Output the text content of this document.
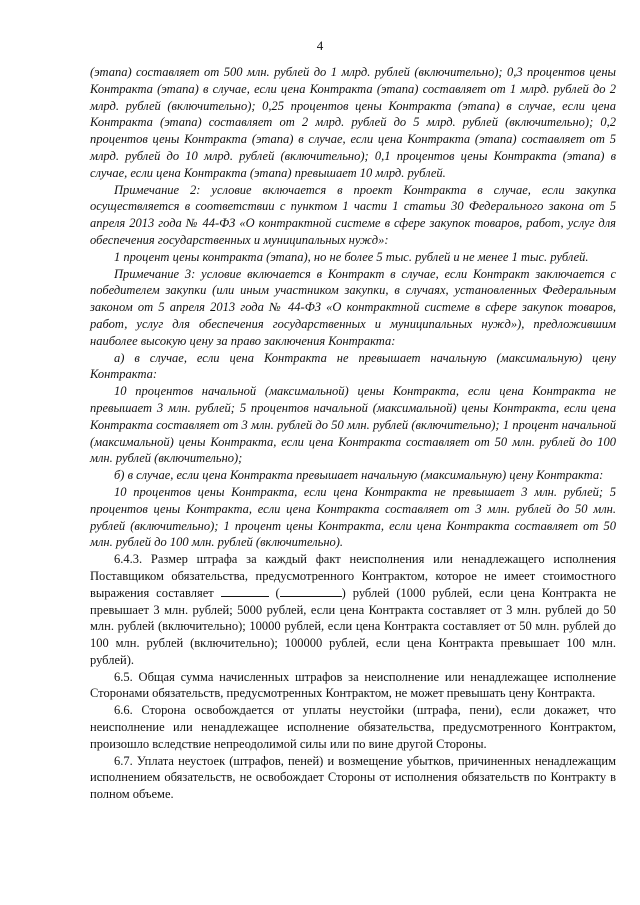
4

(этапа) составляет от 500 млн. рублей до 1 млрд. рублей (включительно); 0,3 процентов цены Контракта (этапа) в случае, если цена Контракта (этапа) составляет от 1 млрд. рублей до 2 млрд. рублей (включительно); 0,25 процентов цены Контракта (этапа) в случае, если цена Контракта (этапа) составляет от 2 млрд. рублей до 5 млрд. рублей (включительно); 0,2 процентов цены Контракта (этапа) в случае, если цена Контракта (этапа) составляет от 5 млрд. рублей до 10 млрд. рублей (включительно); 0,1 процентов цены Контракта (этапа) в случае, если цена Контракта (этапа) превышает 10 млрд. рублей.

Примечание 2: условие включается в проект Контракта в случае, если закупка осуществляется в соответствии с пунктом 1 части 1 статьи 30 Федерального закона от 5 апреля 2013 года № 44-ФЗ «О контрактной системе в сфере закупок товаров, работ, услуг для обеспечения государственных и муниципальных нужд»:

1 процент цены контракта (этапа), но не более 5 тыс. рублей и не менее 1 тыс. рублей.

Примечание 3: условие включается в Контракт в случае, если Контракт заключается с победителем закупки (или иным участником закупки, в случаях, установленных Федеральным законом от 5 апреля 2013 года № 44-ФЗ «О контрактной системе в сфере закупок товаров, работ, услуг для обеспечения государственных и муниципальных нужд»), предложившим наиболее высокую цену за право заключения Контракта:

а) в случае, если цена Контракта не превышает начальную (максимальную) цену Контракта:

10 процентов начальной (максимальной) цены Контракта, если цена Контракта не превышает 3 млн. рублей; 5 процентов начальной (максимальной) цены Контракта, если цена Контракта составляет от 3 млн. рублей до 50 млн. рублей (включительно); 1 процент начальной (максимальной) цены Контракта, если цена Контракта составляет от 50 млн. рублей до 100 млн. рублей (включительно);

б) в случае, если цена Контракта превышает начальную (максимальную) цену Контракта:

10 процентов цены Контракта, если цена Контракта не превышает 3 млн. рублей; 5 процентов цены Контракта, если цена Контракта составляет от 3 млн. рублей до 50 млн. рублей (включительно); 1 процент цены Контракта, если цена Контракта составляет от 50 млн. рублей до 100 млн. рублей (включительно).

6.4.3. Размер штрафа за каждый факт неисполнения или ненадлежащего исполнения Поставщиком обязательства, предусмотренного Контрактом, которое не имеет стоимостного выражения составляет	(	) рублей (1000 рублей, если цена Контракта не превышает 3 млн. рублей; 5000 рублей, если цена Контракта составляет от 3 млн. рублей до 50 млн. рублей (включительно); 10000 рублей, если цена Контракта составляет от 50 млн. рублей до 100 млн. рублей (включительно); 100000 рублей, если цена Контракта превышает 100 млн. рублей).

6.5. Общая сумма начисленных штрафов за неисполнение или ненадлежащее исполнение Сторонами обязательств, предусмотренных Контрактом, не может превышать цену Контракта.

6.6. Сторона освобождается от уплаты неустойки (штрафа, пени), если докажет, что неисполнение или ненадлежащее исполнение обязательства, предусмотренного Контрактом, произошло вследствие непреодолимой силы или по вине другой Стороны.

6.7. Уплата неустоек (штрафов, пеней) и возмещение убытков, причиненных ненадлежащим исполнением обязательств, не освобождает Стороны от исполнения обязательств по Контракту в полном объеме.
